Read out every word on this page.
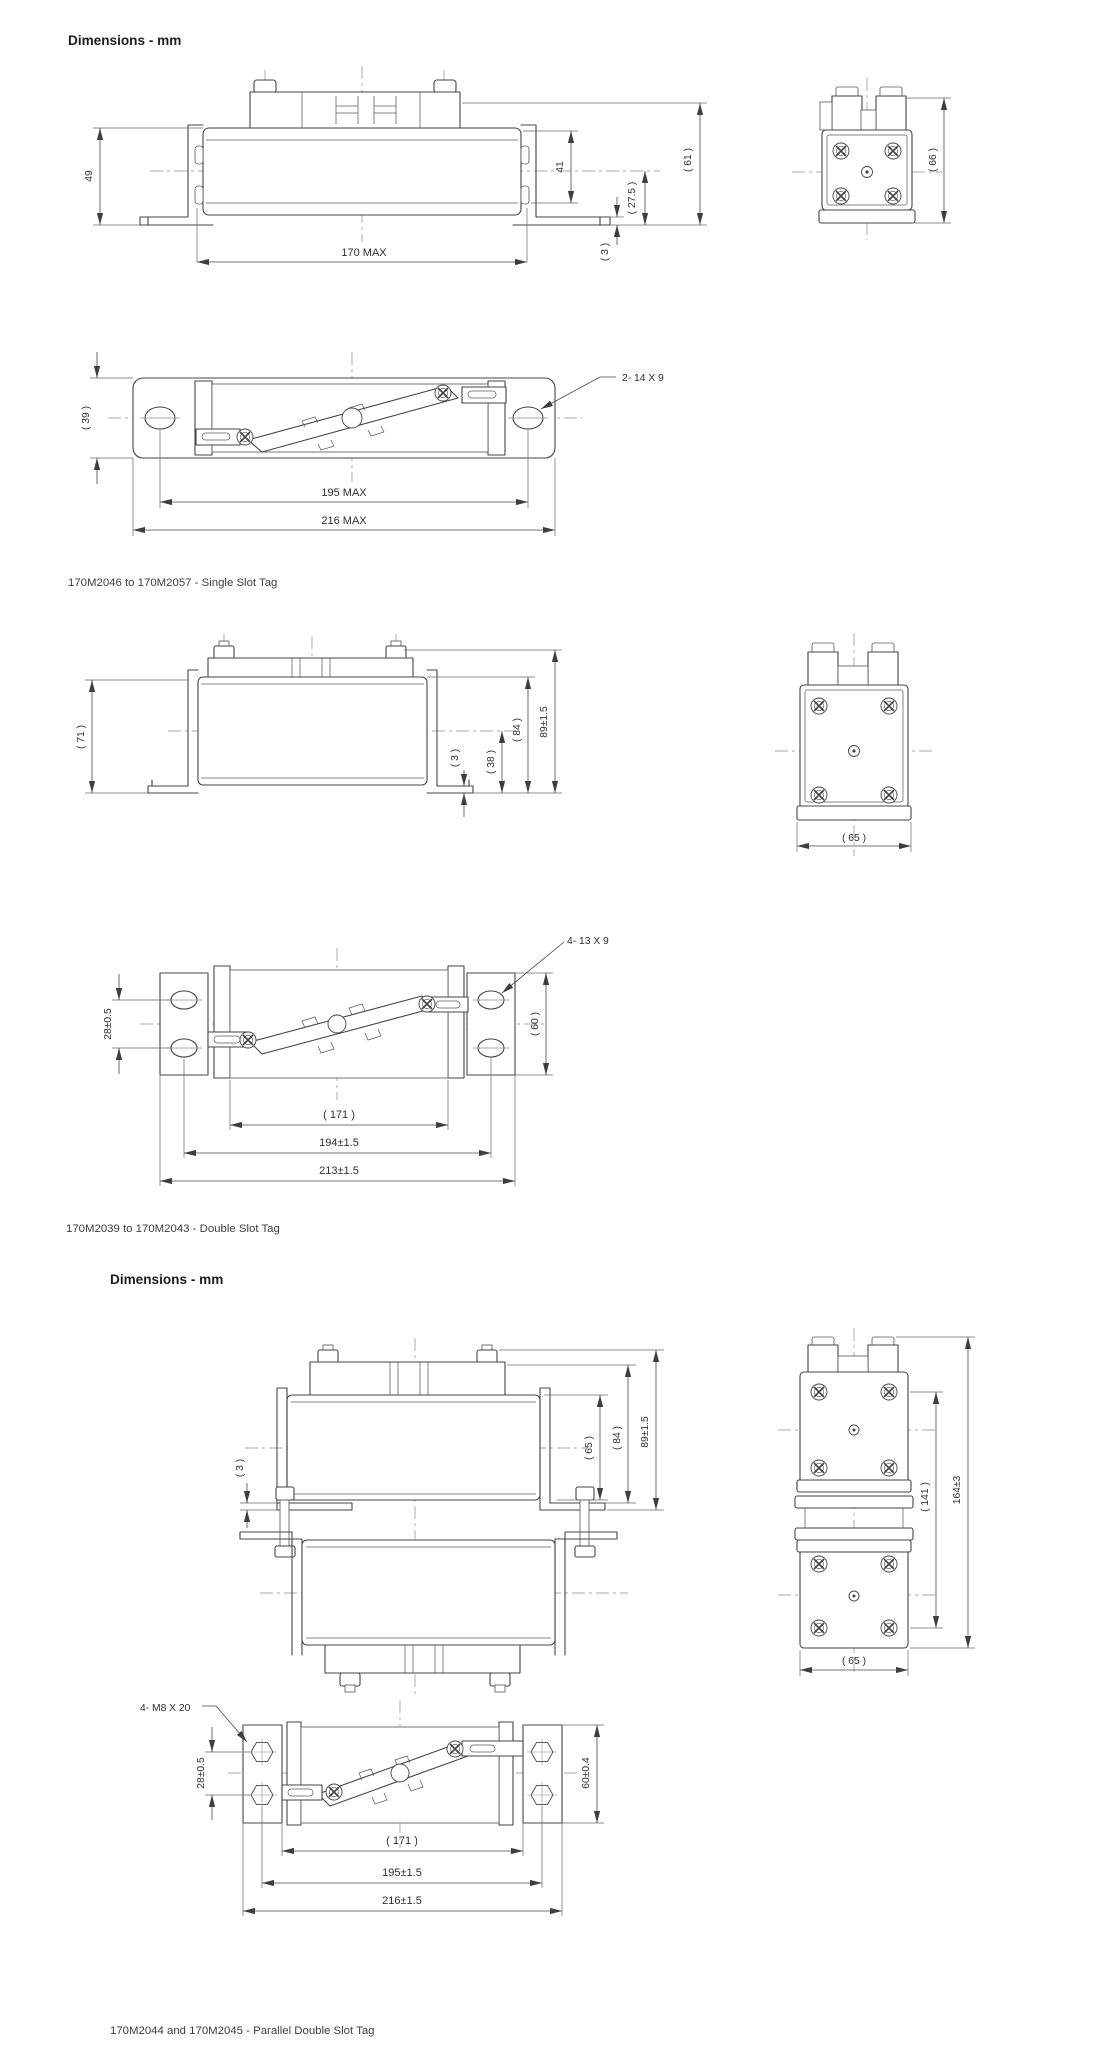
Dimensions - mm
49
41
( 27.5 )
( 61 )
( 3 )
170 MAX
( 66 )
( 39 )
2- 14 X 9
195 MAX
216 MAX
170M2046 to 170M2057 - Single Slot Tag
( 71 )
( 3 ) ( 38 )
( 84 ) 89±1.5
( 65 )
4- 13 X 9
28±0.5	( 60 )
( 171 )
194±1.5
213±1.5
170M2039 to 170M2043 - Double Slot Tag
Dimensions - mm
( 3 )
( 65 ) ( 84 ) 89±1.5
( 141 ) 164±3
( 65 )
4- M8 X 20
28±0.5	60±0.4
( 171 )
195±1.5
216±1.5
170M2044 and 170M2045 - Parallel Double Slot Tag
